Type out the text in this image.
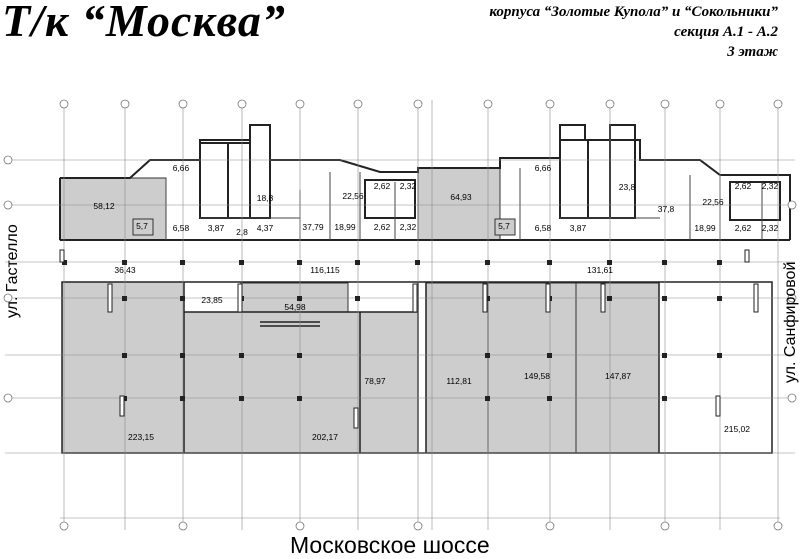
Т/к “Москва”	корпуса “Золотые Купола” и “Сокольники”
секция А.1 - А.2
3 этаж
58,12
5,7
6,66
6,58 3,87 2,8 4,37
18,8
37,79
22,56
2,62 2,32
18,99 2,62 2,32
64,93
5,7
6,66
6,58 3,87
23,8
37,8
22,56
2,62 2,32
18,99 2,62 2,32
36,43	116,115	131,61
23,85
54,98
223,15	202,17
78,97	112,81	149,58	147,87
215,02
Московское шоссе
ул. Гастелло	ул. Санфировой
